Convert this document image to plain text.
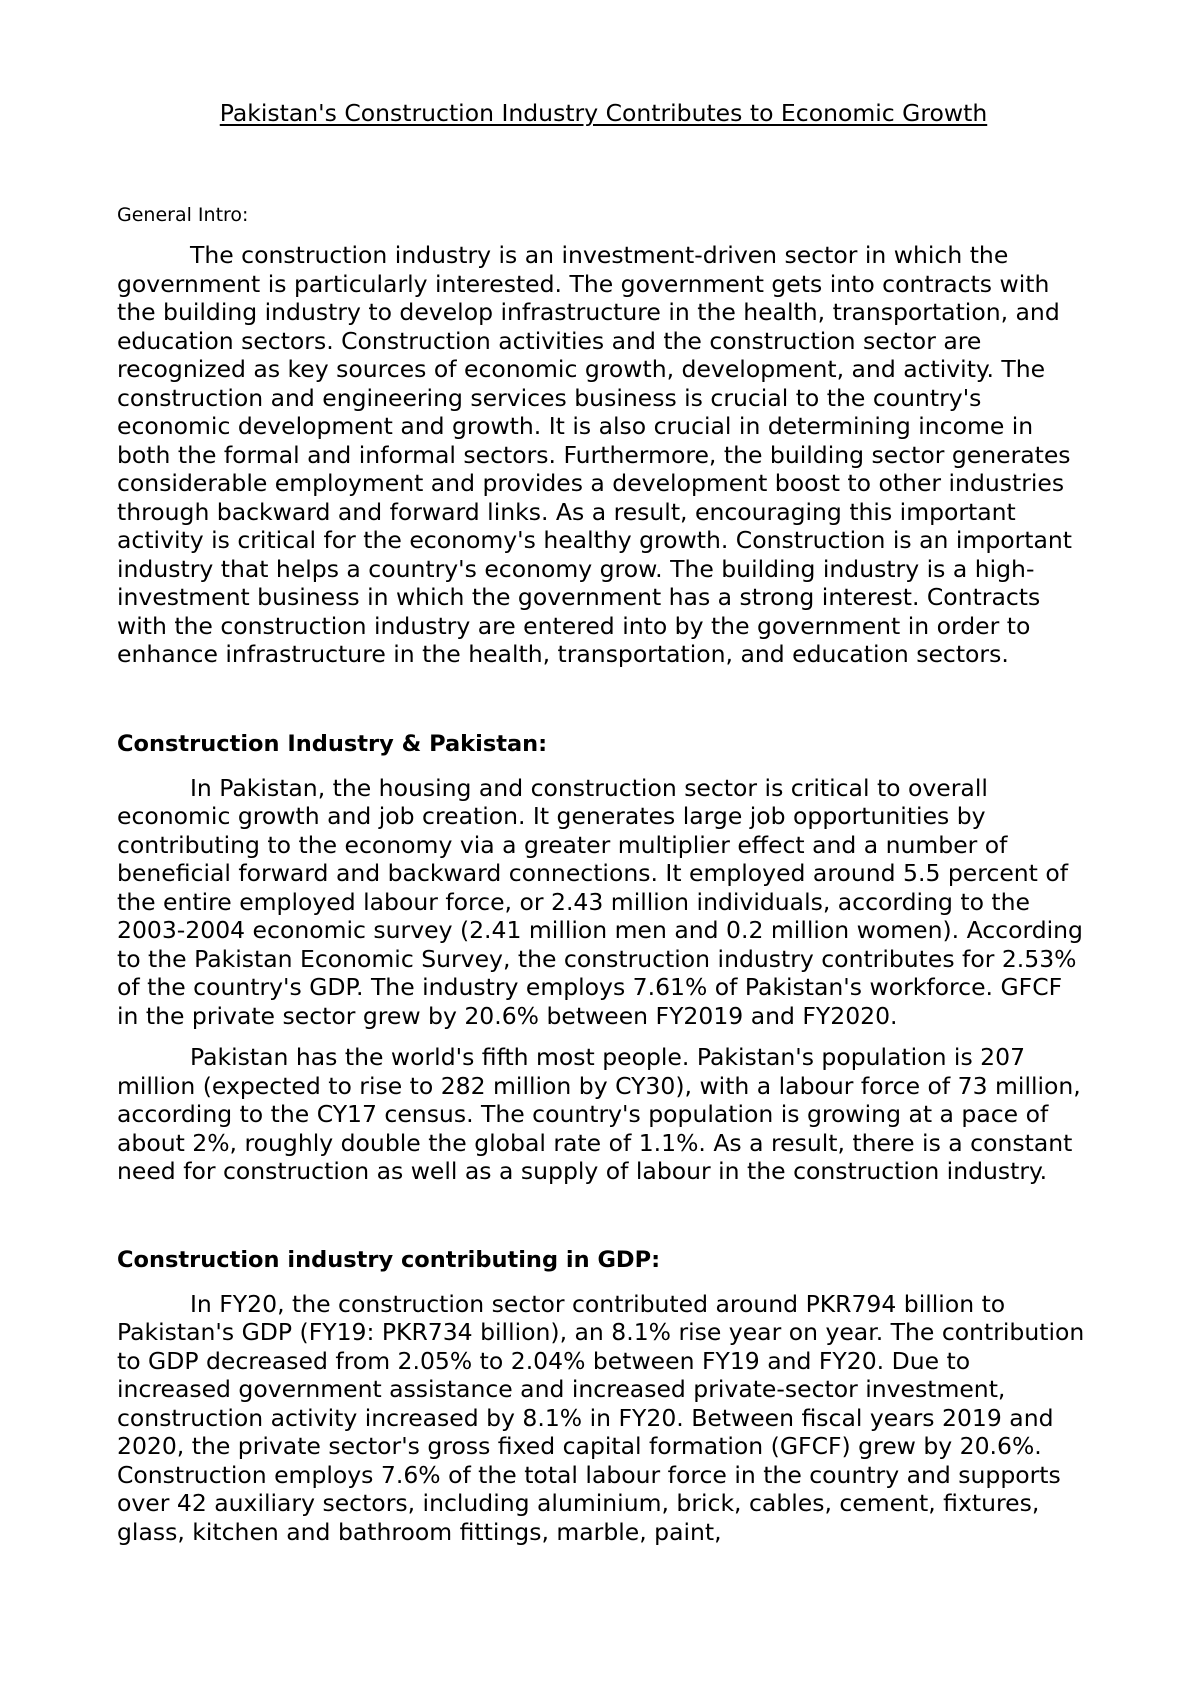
Pakistan's Construction Industry Contributes to Economic Growth
General Intro:

The construction industry is an investment-driven sector in which the government is particularly interested. The government gets into contracts with the building industry to develop infrastructure in the health, transportation, and education sectors. Construction activities and the construction sector are recognized as key sources of economic growth, development, and activity. The construction and engineering services business is crucial to the country's economic development and growth. It is also crucial in determining income in both the formal and informal sectors. Furthermore, the building sector generates considerable employment and provides a development boost to other industries through backward and forward links. As a result, encouraging this important activity is critical for the economy's healthy growth. Construction is an important industry that helps a country's economy grow. The building industry is a high-investment business in which the government has a strong interest. Contracts with the construction industry are entered into by the government in order to enhance infrastructure in the health, transportation, and education sectors.

Construction Industry & Pakistan:

In Pakistan, the housing and construction sector is critical to overall economic growth and job creation. It generates large job opportunities by contributing to the economy via a greater multiplier effect and a number of beneficial forward and backward connections. It employed around 5.5 percent of the entire employed labour force, or 2.43 million individuals, according to the 2003-2004 economic survey (2.41 million men and 0.2 million women). According to the Pakistan Economic Survey, the construction industry contributes for 2.53% of the country's GDP. The industry employs 7.61% of Pakistan's workforce. GFCF in the private sector grew by 20.6% between FY2019 and FY2020.

Pakistan has the world's fifth most people. Pakistan's population is 207 million (expected to rise to 282 million by CY30), with a labour force of 73 million, according to the CY17 census. The country's population is growing at a pace of about 2%, roughly double the global rate of 1.1%. As a result, there is a constant need for construction as well as a supply of labour in the construction industry.

Construction industry contributing in GDP:

In FY20, the construction sector contributed around PKR794 billion to Pakistan's GDP (FY19: PKR734 billion), an 8.1% rise year on year. The contribution to GDP decreased from 2.05% to 2.04% between FY19 and FY20. Due to increased government assistance and increased private-sector investment, construction activity increased by 8.1% in FY20. Between fiscal years 2019 and 2020, the private sector's gross fixed capital formation (GFCF) grew by 20.6%. Construction employs 7.6% of the total labour force in the country and supports over 42 auxiliary sectors, including aluminium, brick, cables, cement, fixtures, glass, kitchen and bathroom fittings, marble, paint,
